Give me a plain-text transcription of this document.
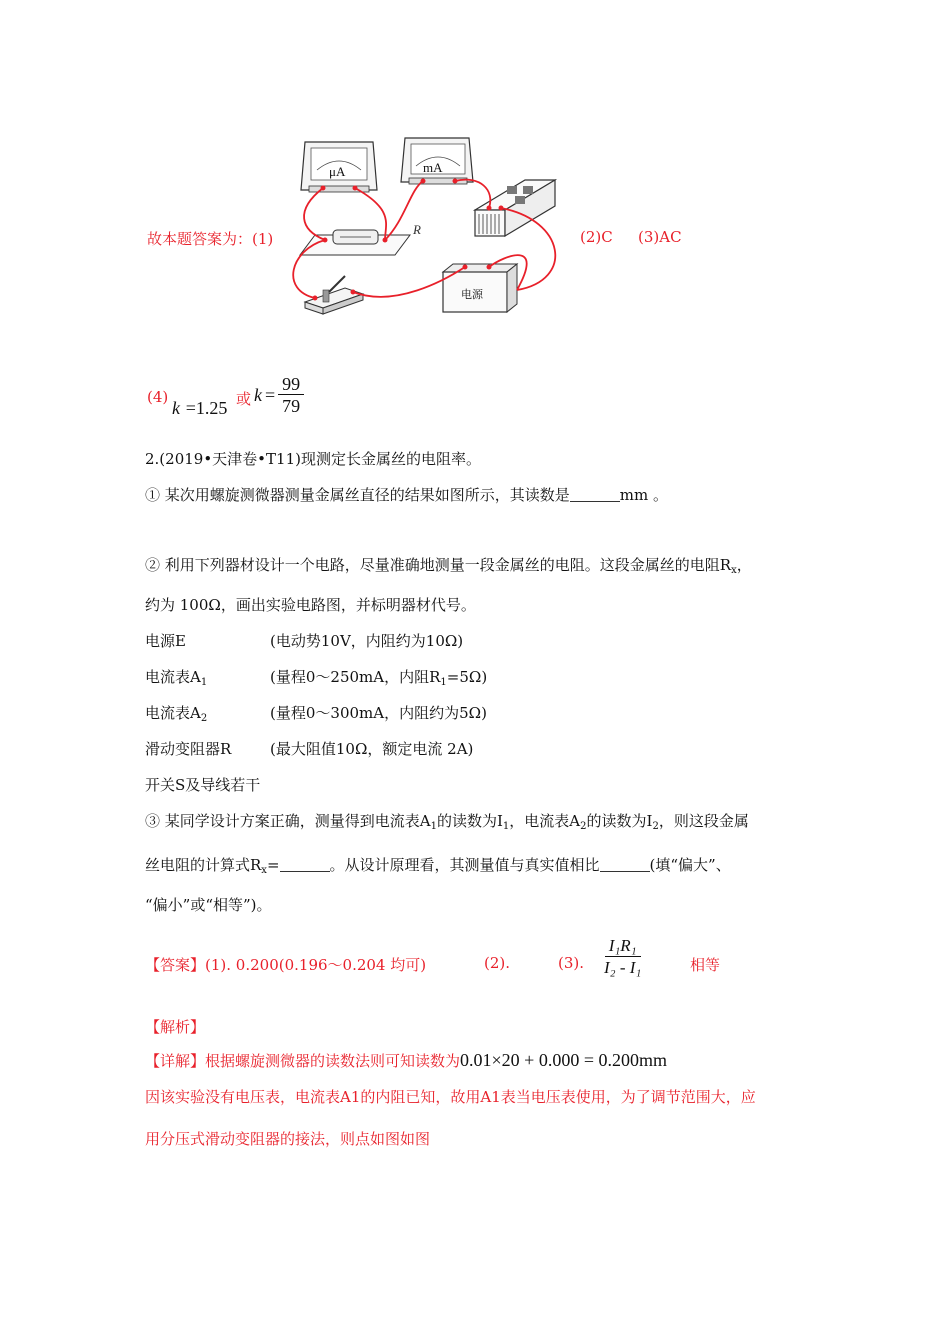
故本题答案为：(1)	(2)C (3)AC
μA	mA
R
电源
(4)
k =1.25 或 $k = \frac{99}{79}$
2.(2019•天津卷•T11)现测定长金属丝的电阻率。
① 某次用螺旋测微器测量金属丝直径的结果如图所示，其读数是	mm 。
② 利用下列器材设计一个电路，尽量准确地测量一段金属丝的电阻。这段金属丝的电阻$R_x$，
约为 100Ω，画出实验电路图，并标明器材代号。
电源E	(电动势10V，内阻约为10Ω)
电流表$A_1$	(量程0～250mA，内阻$R_1=5\Omega$)
电流表$A_2$	(量程0～300mA，内阻约为5Ω)
滑动变阻器R	(最大阻值10Ω，额定电流 2A)
开关S及导线若干
③ 某同学设计方案正确，测量得到电流表$A_1$的读数为$I_1$，电流表$A_2$的读数为$I_2$，则这段金属
丝电阻的计算式$R_x=$	。从设计原理看，其测量值与真实值相比	(填“偏大”、
“偏小”或“相等”)。
【答案】(1). 0.200(0.196～0.204 均可)	(2).	(3). $\frac{\text{I₁R₁}}{\text{I₂ - I₁}}$	相等
【解析】
【详解】根据螺旋测微器的读数法则可知读数为0.01×20 + 0.000 = 0.200mm
因该实验没有电压表，电流表A1的内阻已知，故用A1表当电压表使用，为了调节范围大，应
用分压式滑动变阻器的接法，则点如图如图
